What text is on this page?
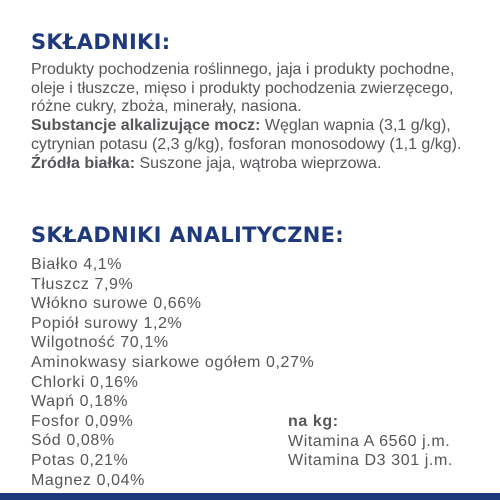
SKŁADNIKI:

Produkty pochodzenia roślinnego, jaja i produkty pochodne, oleje i tłuszcze, mięso i produkty pochodzenia zwierzęcego, różne cukry, zboża, minerały, nasiona.

Substancje alkalizujące mocz: Węglan wapnia (3,1 g/kg), cytrynian potasu (2,3 g/kg), fosforan monosodowy (1,1 g/kg).

Źródła białka: Suszone jaja, wątroba wieprzowa.

SKŁADNIKI ANALITYCZNE:
Białko 4,1%
Tłuszcz 7,9%
Włókno surowe 0,66%
Popiół surowy 1,2%
Wilgotność 70,1%
Aminokwasy siarkowe ogółem 0,27%
Chlorki 0,16%
Wapń 0,18%
Fosfor 0,09%
Sód 0,08%
Potas 0,21%
Magnez 0,04%
na kg:
Witamina A 6560 j.m.
Witamina D3 301 j.m.
